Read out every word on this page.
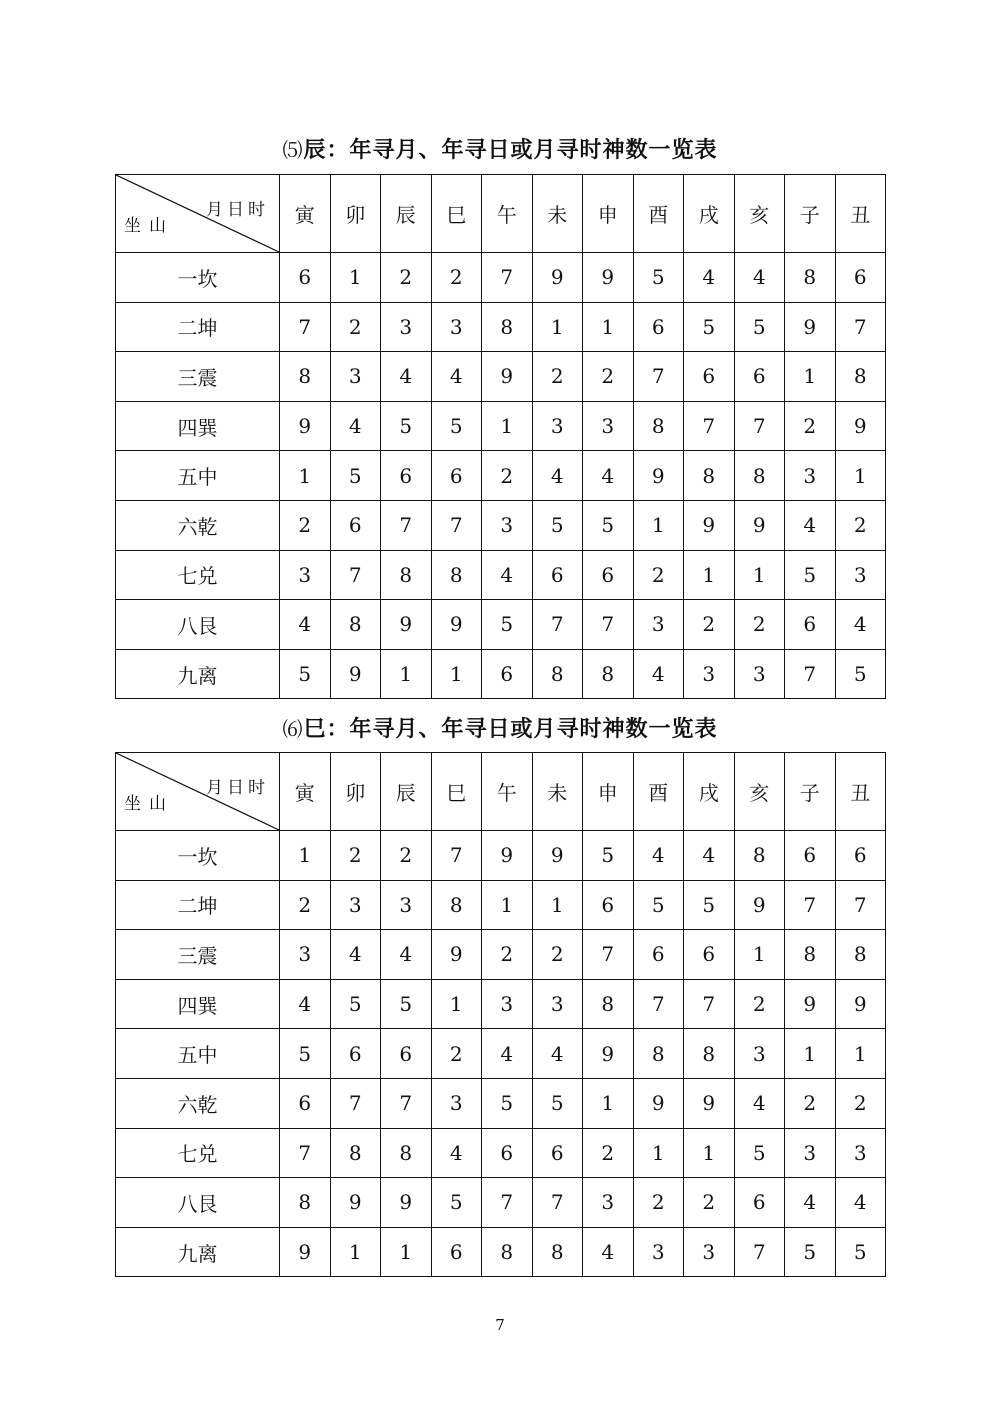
⑸辰：年寻月、年寻日或月寻时神数一览表
月日时
坐山	寅	卯	辰	巳	午	未	申	酉	戌	亥	子	丑
一坎	6	1	2	2	7	9	9	5	4	4	8	6
二坤	7	2	3	3	8	1	1	6	5	5	9	7
三震	8	3	4	4	9	2	2	7	6	6	1	8
四巽	9	4	5	5	1	3	3	8	7	7	2	9
五中	1	5	6	6	2	4	4	9	8	8	3	1
六乾	2	6	7	7	3	5	5	1	9	9	4	2
七兑	3	7	8	8	4	6	6	2	1	1	5	3
八艮	4	8	9	9	5	7	7	3	2	2	6	4
九离	5	9	1	1	6	8	8	4	3	3	7	5
⑹巳：年寻月、年寻日或月寻时神数一览表
月日时
坐山	寅	卯	辰	巳	午	未	申	酉	戌	亥	子	丑
一坎	1	2	2	7	9	9	5	4	4	8	6	6
二坤	2	3	3	8	1	1	6	5	5	9	7	7
三震	3	4	4	9	2	2	7	6	6	1	8	8
四巽	4	5	5	1	3	3	8	7	7	2	9	9
五中	5	6	6	2	4	4	9	8	8	3	1	1
六乾	6	7	7	3	5	5	1	9	9	4	2	2
七兑	7	8	8	4	6	6	2	1	1	5	3	3
八艮	8	9	9	5	7	7	3	2	2	6	4	4
九离	9	1	1	6	8	8	4	3	3	7	5	5
7
